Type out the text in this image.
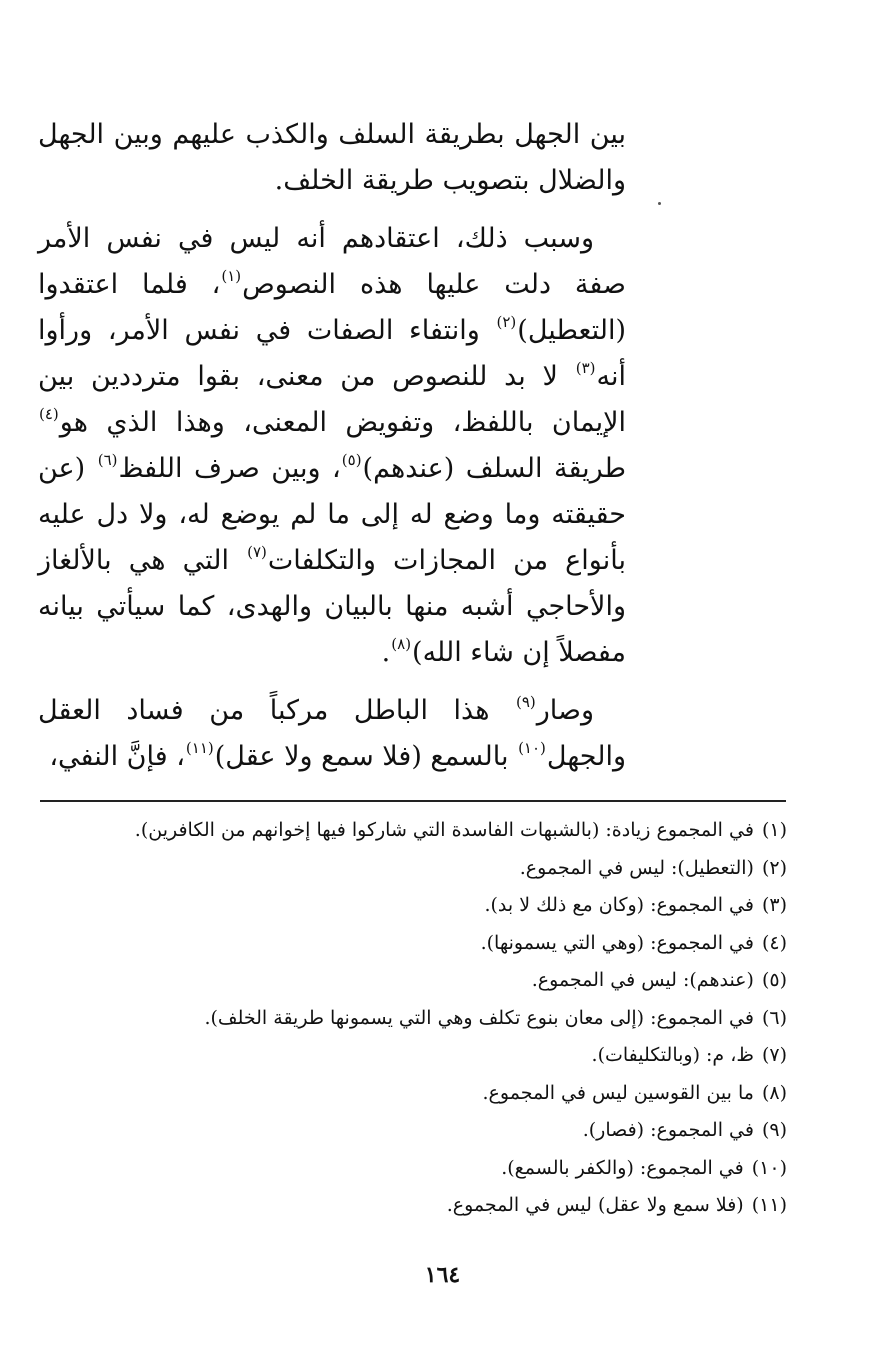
بين الجهل بطريقة السلف والكذب عليهم وبين الجهل والضلال بتصويب طريقة الخلف.

وسبب ذلك، اعتقادهم أنه ليس في نفس الأمر صفة دلت عليها هذه النصوص$^{(١)}$، فلما اعتقدوا (التعطيل)$^{(٢)}$ وانتفاء الصفات في نفس الأمر، ورأوا أنه$^{(٣)}$ لا بد للنصوص من معنى، بقوا مترددين بين الإيمان باللفظ، وتفويض المعنى، وهذا الذي هو$^{(٤)}$ طريقة السلف (عندهم)$^{(٥)}$، وبين صرف اللفظ$^{(٦)}$ (عن حقيقته وما وضع له إلى ما لم يوضع له، ولا دل عليه بأنواع من المجازات والتكلفات$^{(٧)}$ التي هي بالألغاز والأحاجي أشبه منها بالبيان والهدى، كما سيأتي بيانه مفصلاً إن شاء الله)$^{(٨)}$.

وصار$^{(٩)}$ هذا الباطل مركباً من فساد العقل والجهل$^{(١٠)}$ بالسمع (فلا سمع ولا عقل)$^{(١١)}$، فإنَّ النفي،

(١)في المجموع زيادة: (بالشبهات الفاسدة التي شاركوا فيها إخوانهم من الكافرين).
(٢)(التعطيل): ليس في المجموع.
(٣)في المجموع: (وكان مع ذلك لا بد).
(٤)في المجموع: (وهي التي يسمونها).
(٥)(عندهم): ليس في المجموع.
(٦)في المجموع: (إلى معان بنوع تكلف وهي التي يسمونها طريقة الخلف).
(٧)ظ، م: (وبالتكليفات).
(٨)ما بين القوسين ليس في المجموع.
(٩)في المجموع: (فصار).
(١٠)في المجموع: (والكفر بالسمع).
(١١)(فلا سمع ولا عقل) ليس في المجموع.
١٦٤
